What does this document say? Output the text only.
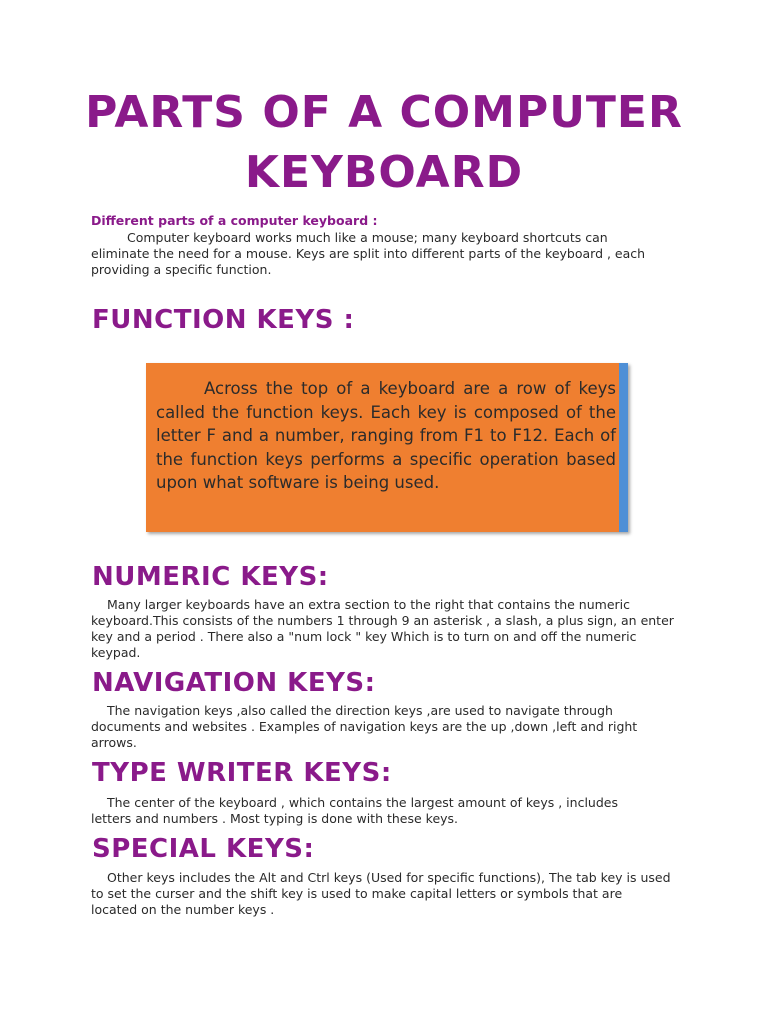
PARTS OF A COMPUTER
KEYBOARD
Different parts of a computer keyboard :
Computer keyboard works much like a mouse; many keyboard shortcuts can eliminate the need for a mouse. Keys are split into different parts of the keyboard , each providing a specific function.
FUNCTION KEYS :
Across the top of a keyboard are a row of keys called the function keys. Each key is composed of the letter F and a number, ranging from F1 to F12. Each of the function keys performs a specific operation based upon what software is being used.
NUMERIC KEYS:
Many larger keyboards have an extra section to the right that contains the numeric keyboard.This consists of the numbers 1 through 9 an asterisk , a slash, a plus sign, an enter key and a period . There also a "num lock " key Which is to turn on and off the numeric keypad.
NAVIGATION KEYS:
The navigation keys ,also called the direction keys ,are used to navigate through documents and websites . Examples of navigation keys are the up ,down ,left and right arrows.
TYPE WRITER KEYS:
The center of the keyboard , which contains the largest amount of keys , includes letters and numbers . Most typing is done with these keys.
SPECIAL KEYS:
Other keys includes the Alt and Ctrl keys (Used for specific functions), The tab key is used to set the curser and the shift key is used to make capital letters or symbols that are located on the number keys .
